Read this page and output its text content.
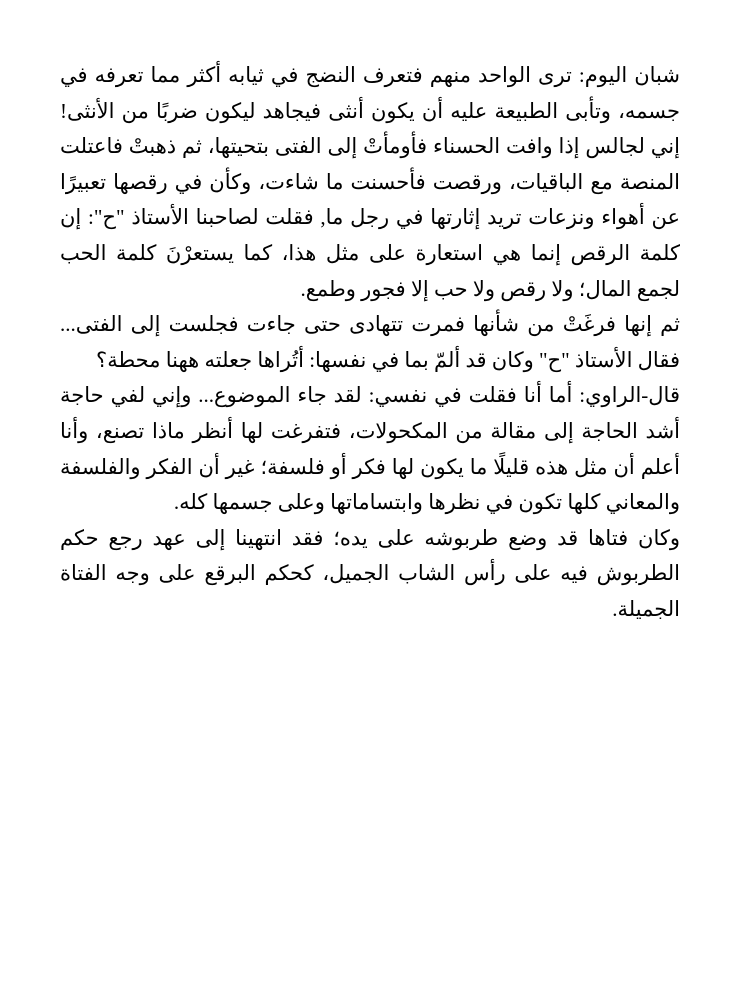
شبان اليوم: ترى الواحد منهم فتعرف النضج في ثيابه أكثر مما تعرفه في جسمه، وتأبى الطبيعة عليه أن يكون أنثى فيجاهد ليكون ضربًا من الأنثى! إني لجالس إذا وافت الحسناء فأومأتْ إلى الفتى بتحيتها، ثم ذهبتْ فاعتلت المنصة مع الباقيات، ورقصت فأحسنت ما شاءت، وكأن في رقصها تعبيرًا عن أهواء ونزعات تريد إثارتها في رجل ما, فقلت لصاحبنا الأستاذ "ح": إن كلمة الرقص إنما هي استعارة على مثل هذا، كما يستعرْنَ كلمة الحب لجمع المال؛ ولا رقص ولا حب إلا فجور وطمع.

ثم إنها فرغَتْ من شأنها فمرت تتهادى حتى جاءت فجلست إلى الفتى... فقال الأستاذ "ح" وكان قد ألمّ بما في نفسها: أتُراها جعلته ههنا محطة؟

قال-الراوي: أما أنا فقلت في نفسي: لقد جاء الموضوع... وإني لفي حاجة أشد الحاجة إلى مقالة من المكحولات، فتفرغت لها أنظر ماذا تصنع، وأنا أعلم أن مثل هذه قليلًا ما يكون لها فكر أو فلسفة؛ غير أن الفكر والفلسفة والمعاني كلها تكون في نظرها وابتساماتها وعلى جسمها كله.

وكان فتاها قد وضع طربوشه على يده؛ فقد انتهينا إلى عهد رجع حكم الطربوش فيه على رأس الشاب الجميل، كحكم البرقع على وجه الفتاة الجميلة.
